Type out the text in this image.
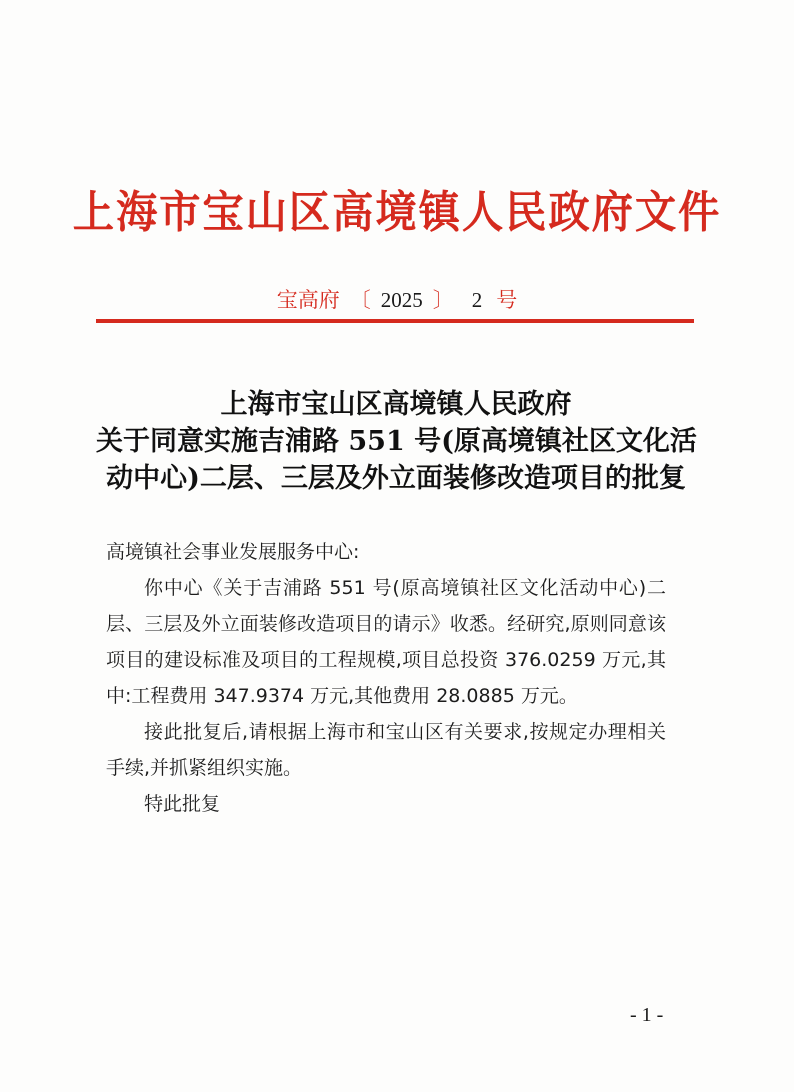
上海市宝山区高境镇人民政府文件
宝高府 〔 2025 〕 2 号
上海市宝山区高境镇人民政府
关于同意实施吉浦路 551 号(原高境镇社区文化活
动中心)二层、三层及外立面装修改造项目的批复

高境镇社会事业发展服务中心:

你中心《关于吉浦路 551 号(原高境镇社区文化活动中心)二层、三层及外立面装修改造项目的请示》收悉。经研究,原则同意该项目的建设标准及项目的工程规模,项目总投资 376.0259 万元,其中:工程费用 347.9374 万元,其他费用 28.0885 万元。

接此批复后,请根据上海市和宝山区有关要求,按规定办理相关手续,并抓紧组织实施。

特此批复

- 1 -
